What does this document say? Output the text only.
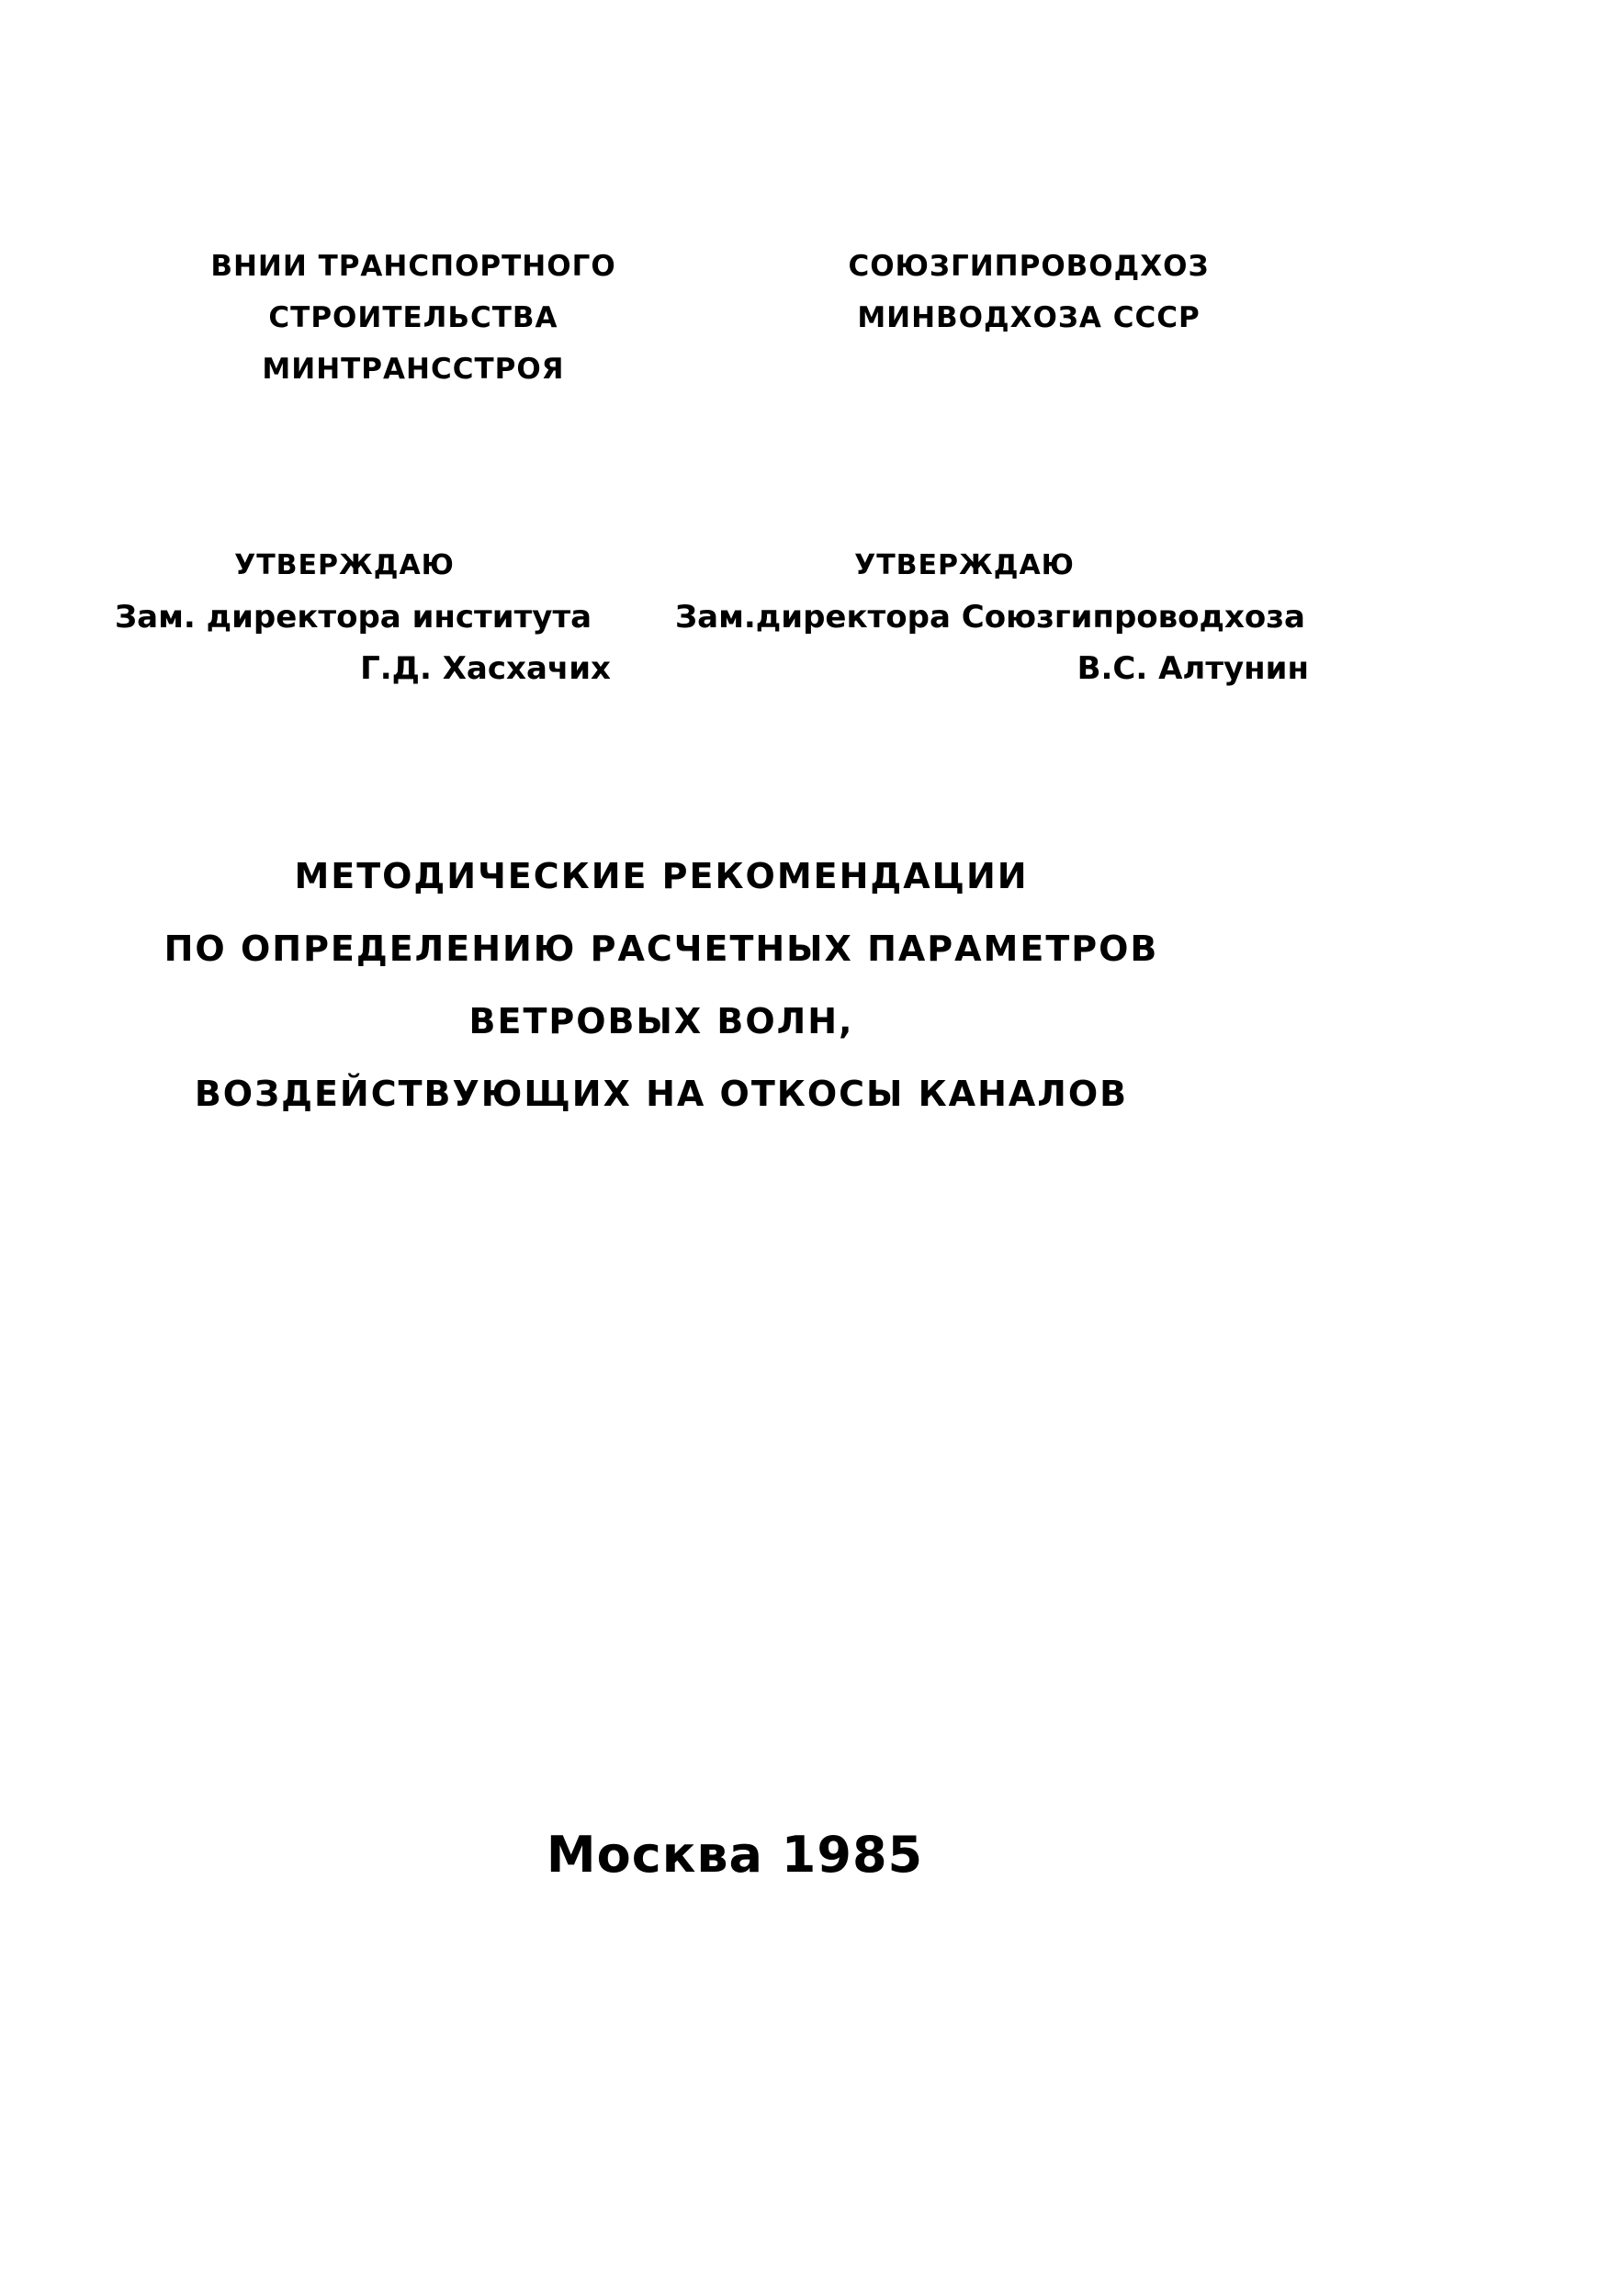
ВНИИ ТРАНСПОРТНОГО
СТРОИТЕЛЬСТВА
МИНТРАНССТРОЯ
СОЮЗГИПРОВОДХОЗ
МИНВОДХОЗА СССР
УТВЕРЖДАЮ
Зам. директора института
Г.Д. Хасхачих
УТВЕРЖДАЮ
Зам.директора Союзгипроводхоза
В.С. Алтунин
МЕТОДИЧЕСКИЕ РЕКОМЕНДАЦИИ
ПО ОПРЕДЕЛЕНИЮ РАСЧЕТНЫХ ПАРАМЕТРОВ
ВЕТРОВЫХ ВОЛН,
ВОЗДЕЙСТВУЮЩИХ НА ОТКОСЫ КАНАЛОВ
Москва 1985
